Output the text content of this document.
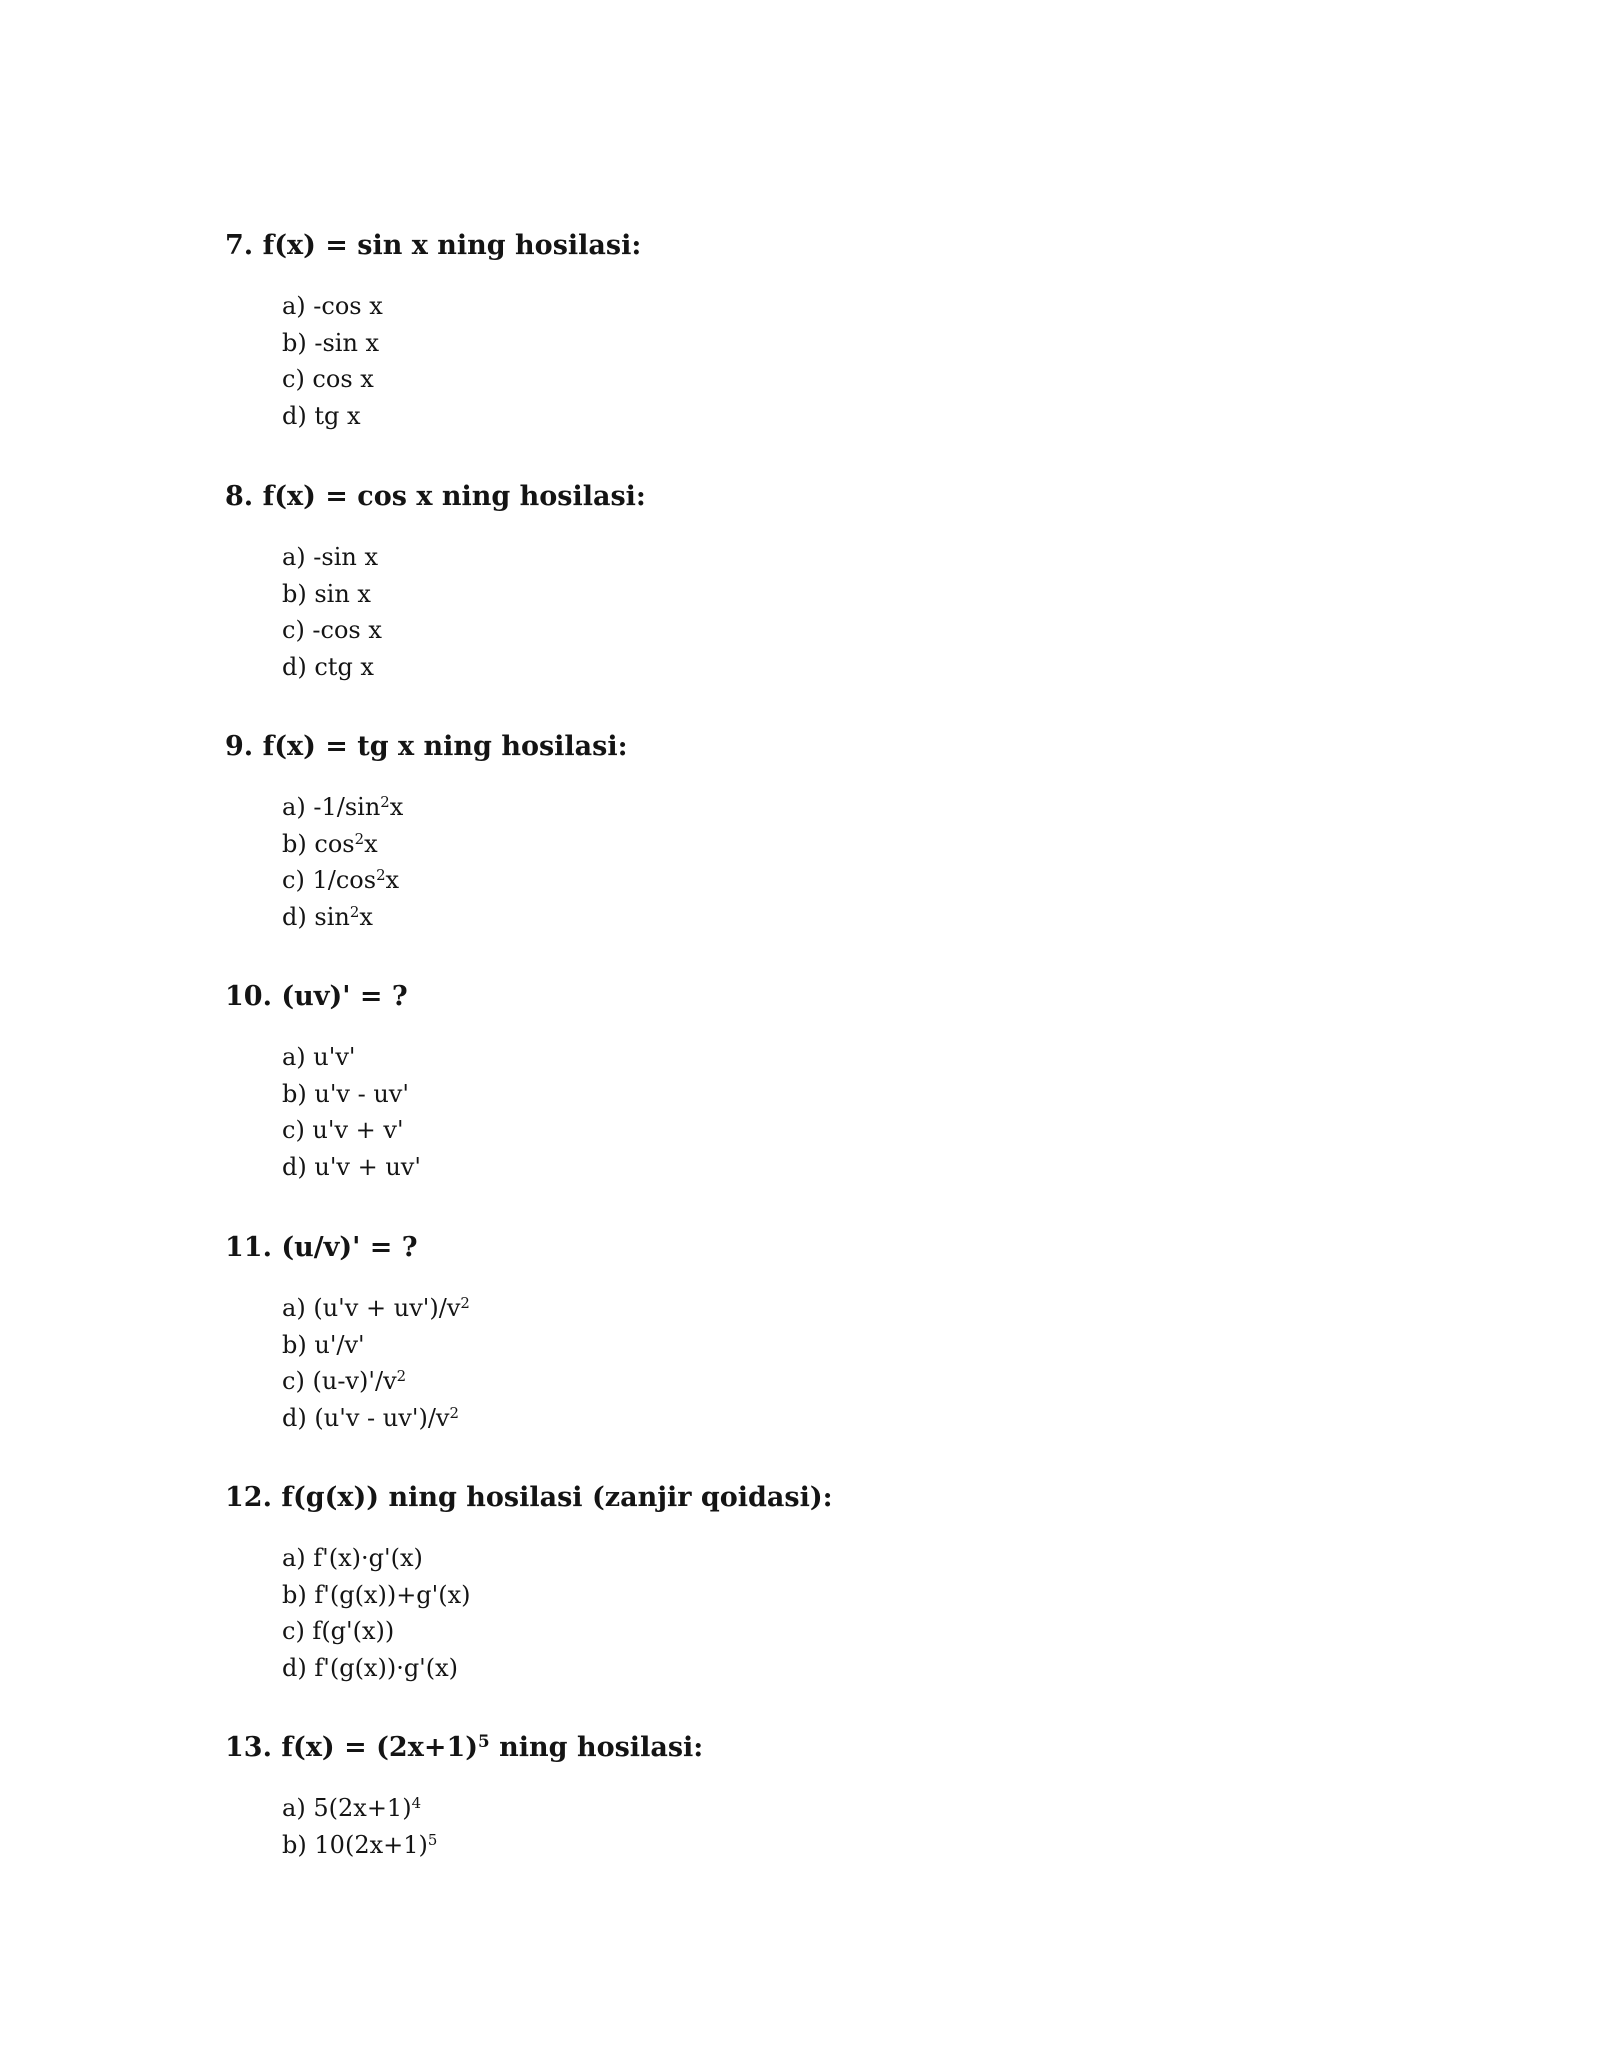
7. f(x) = sin x ning hosilasi:

a) -cos x
b) -sin x
c) cos x
d) tg x

8. f(x) = cos x ning hosilasi:

a) -sin x
b) sin x
c) -cos x
d) ctg x

9. f(x) = tg x ning hosilasi:

a) $-1/\sin^2x$
b) $\cos^2x$
c) $1/\cos^2x$
d) $\sin^2x$

10. (uv)' = ?

a) u'v'
b) u'v - uv'
c) u'v + v'
d) u'v + uv'

11. (u/v)' = ?

a) $(u'v + uv')/v^2$
b) u'/v'
c) $(u-v)'/v^2$
d) $(u'v - uv')/v^2$

12. f(g(x)) ning hosilasi (zanjir qoidasi):

a) f'(x)·g'(x)
b) f'(g(x))+g'(x)
c) f(g'(x))
d) f'(g(x))·g'(x)

13. $f(x) = (2x+1)^5$ ning hosilasi:

a) $5(2x+1)^4$
b) $10(2x+1)^5$
